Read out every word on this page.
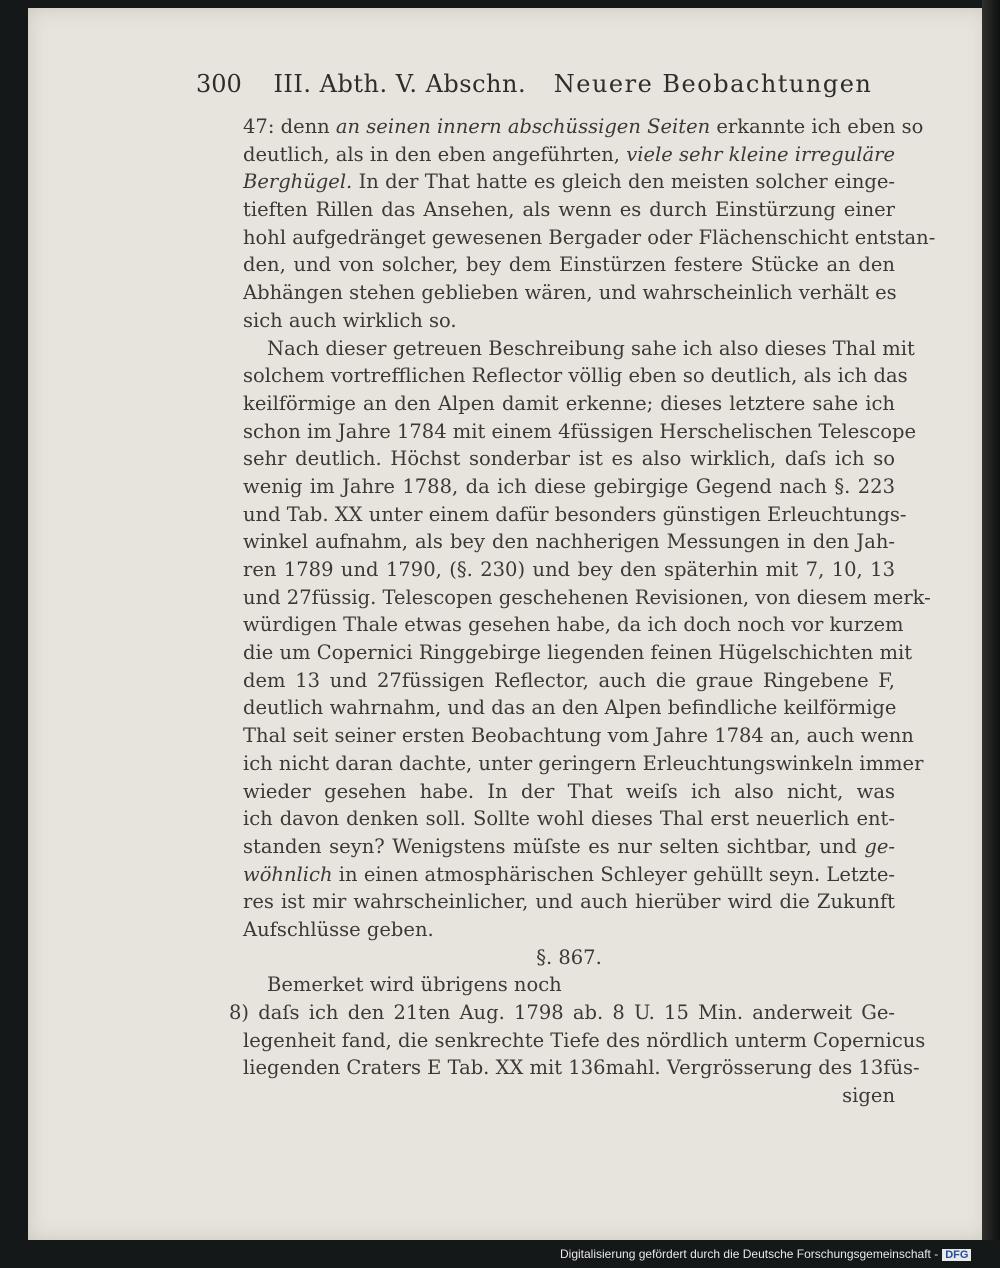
300 III. Abth. V. Abschn. Neuere Beobachtungen
47: denn an seinen innern abschüssigen Seiten erkannte ich eben so
deutlich, als in den eben angeführten, viele sehr kleine irreguläre
Berghügel. In der That hatte es gleich den meisten solcher einge-
tieften Rillen das Ansehen, als wenn es durch Einstürzung einer
hohl aufgedränget gewesenen Bergader oder Flächenschicht entstan-
den, und von solcher, bey dem Einstürzen festere Stücke an den
Abhängen stehen geblieben wären, und wahrscheinlich verhält es
sich auch wirklich so.
Nach dieser getreuen Beschreibung sahe ich also dieses Thal mit
solchem vortrefflichen Reflector völlig eben so deutlich, als ich das
keilförmige an den Alpen damit erkenne; dieses letztere sahe ich
schon im Jahre 1784 mit einem 4füssigen Herschelischen Telescope
sehr deutlich. Höchst sonderbar ist es also wirklich, daſs ich so
wenig im Jahre 1788, da ich diese gebirgige Gegend nach §. 223
und Tab. XX unter einem dafür besonders günstigen Erleuchtungs-
winkel aufnahm, als bey den nachherigen Messungen in den Jah-
ren 1789 und 1790, (§. 230) und bey den späterhin mit 7, 10, 13
und 27füssig. Telescopen geschehenen Revisionen, von diesem merk-
würdigen Thale etwas gesehen habe, da ich doch noch vor kurzem
die um Copernici Ringgebirge liegenden feinen Hügelschichten mit
dem 13 und 27füssigen Reflector, auch die graue Ringebene F,
deutlich wahrnahm, und das an den Alpen befindliche keilförmige
Thal seit seiner ersten Beobachtung vom Jahre 1784 an, auch wenn
ich nicht daran dachte, unter geringern Erleuchtungswinkeln immer
wieder gesehen habe. In der That weiſs ich also nicht, was
ich davon denken soll. Sollte wohl dieses Thal erst neuerlich ent-
standen seyn? Wenigstens müſste es nur selten sichtbar, und ge-
wöhnlich in einen atmosphärischen Schleyer gehüllt seyn. Letzte-
res ist mir wahrscheinlicher, und auch hierüber wird die Zukunft
Aufschlüsse geben.
§. 867.
Bemerket wird übrigens noch
8) daſs ich den 21ten Aug. 1798 ab. 8 U. 15 Min. anderweit Ge-
legenheit fand, die senkrechte Tiefe des nördlich unterm Copernicus
liegenden Craters E Tab. XX mit 136mahl. Vergrösserung des 13füs-
sigen
Digitalisierung gefördert durch die Deutsche Forschungsgemeinschaft - DFG
